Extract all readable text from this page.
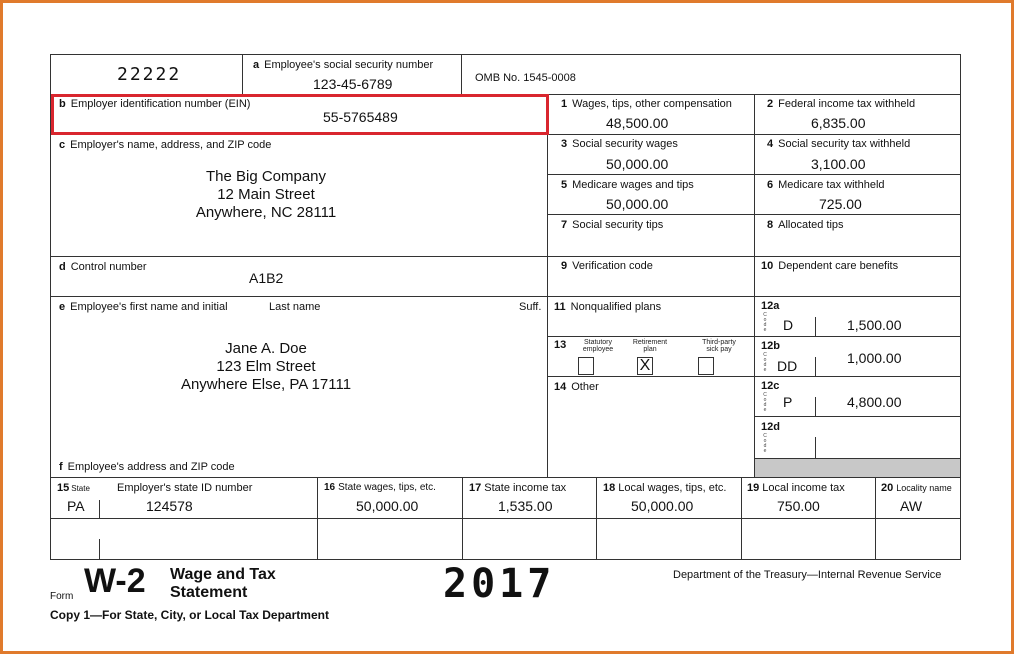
22222	a Employee's social security number
123-45-6789	OMB No. 1545-0008
b Employer identification number (EIN)
55-5765489
c Employer's name, address, and ZIP code
The Big Company
12 Main Street
Anywhere, NC 28111
d Control number
A1B2
e Employee's first name and initial	Last name	Suff.
Jane A. Doe
123 Elm Street
Anywhere Else, PA 17111
f Employee's address and ZIP code
1 Wages, tips, other compensation
48,500.00
3 Social security wages
50,000.00
5 Medicare wages and tips
50,000.00
7 Social security tips
9 Verification code
11 Nonqualified plans
13	Statutory
employee
Retirement
plan
X
Third-party
sick pay
14 Other
2 Federal income tax withheld
6,835.00
4 Social security tax withheld
3,100.00
6 Medicare tax withheld
725.00
8 Allocated tips
10 Dependent care benefits
12a
C
o
d
e D	1,500.00
12b
C
o
d
e DD	1,000.00
12c
C
o
d
e P	4,800.00
12d
C
o
d
e
15 State Employer's state ID number
PA	124578
16 State wages, tips, etc.
50,000.00
17 State income tax
1,535.00
18 Local wages, tips, etc.
50,000.00
19 Local income tax
750.00
20 Locality name
AW
Form W-2 Wage and Tax
Statement	2017	Department of the Treasury—Internal Revenue Service
Copy 1—For State, City, or Local Tax Department
